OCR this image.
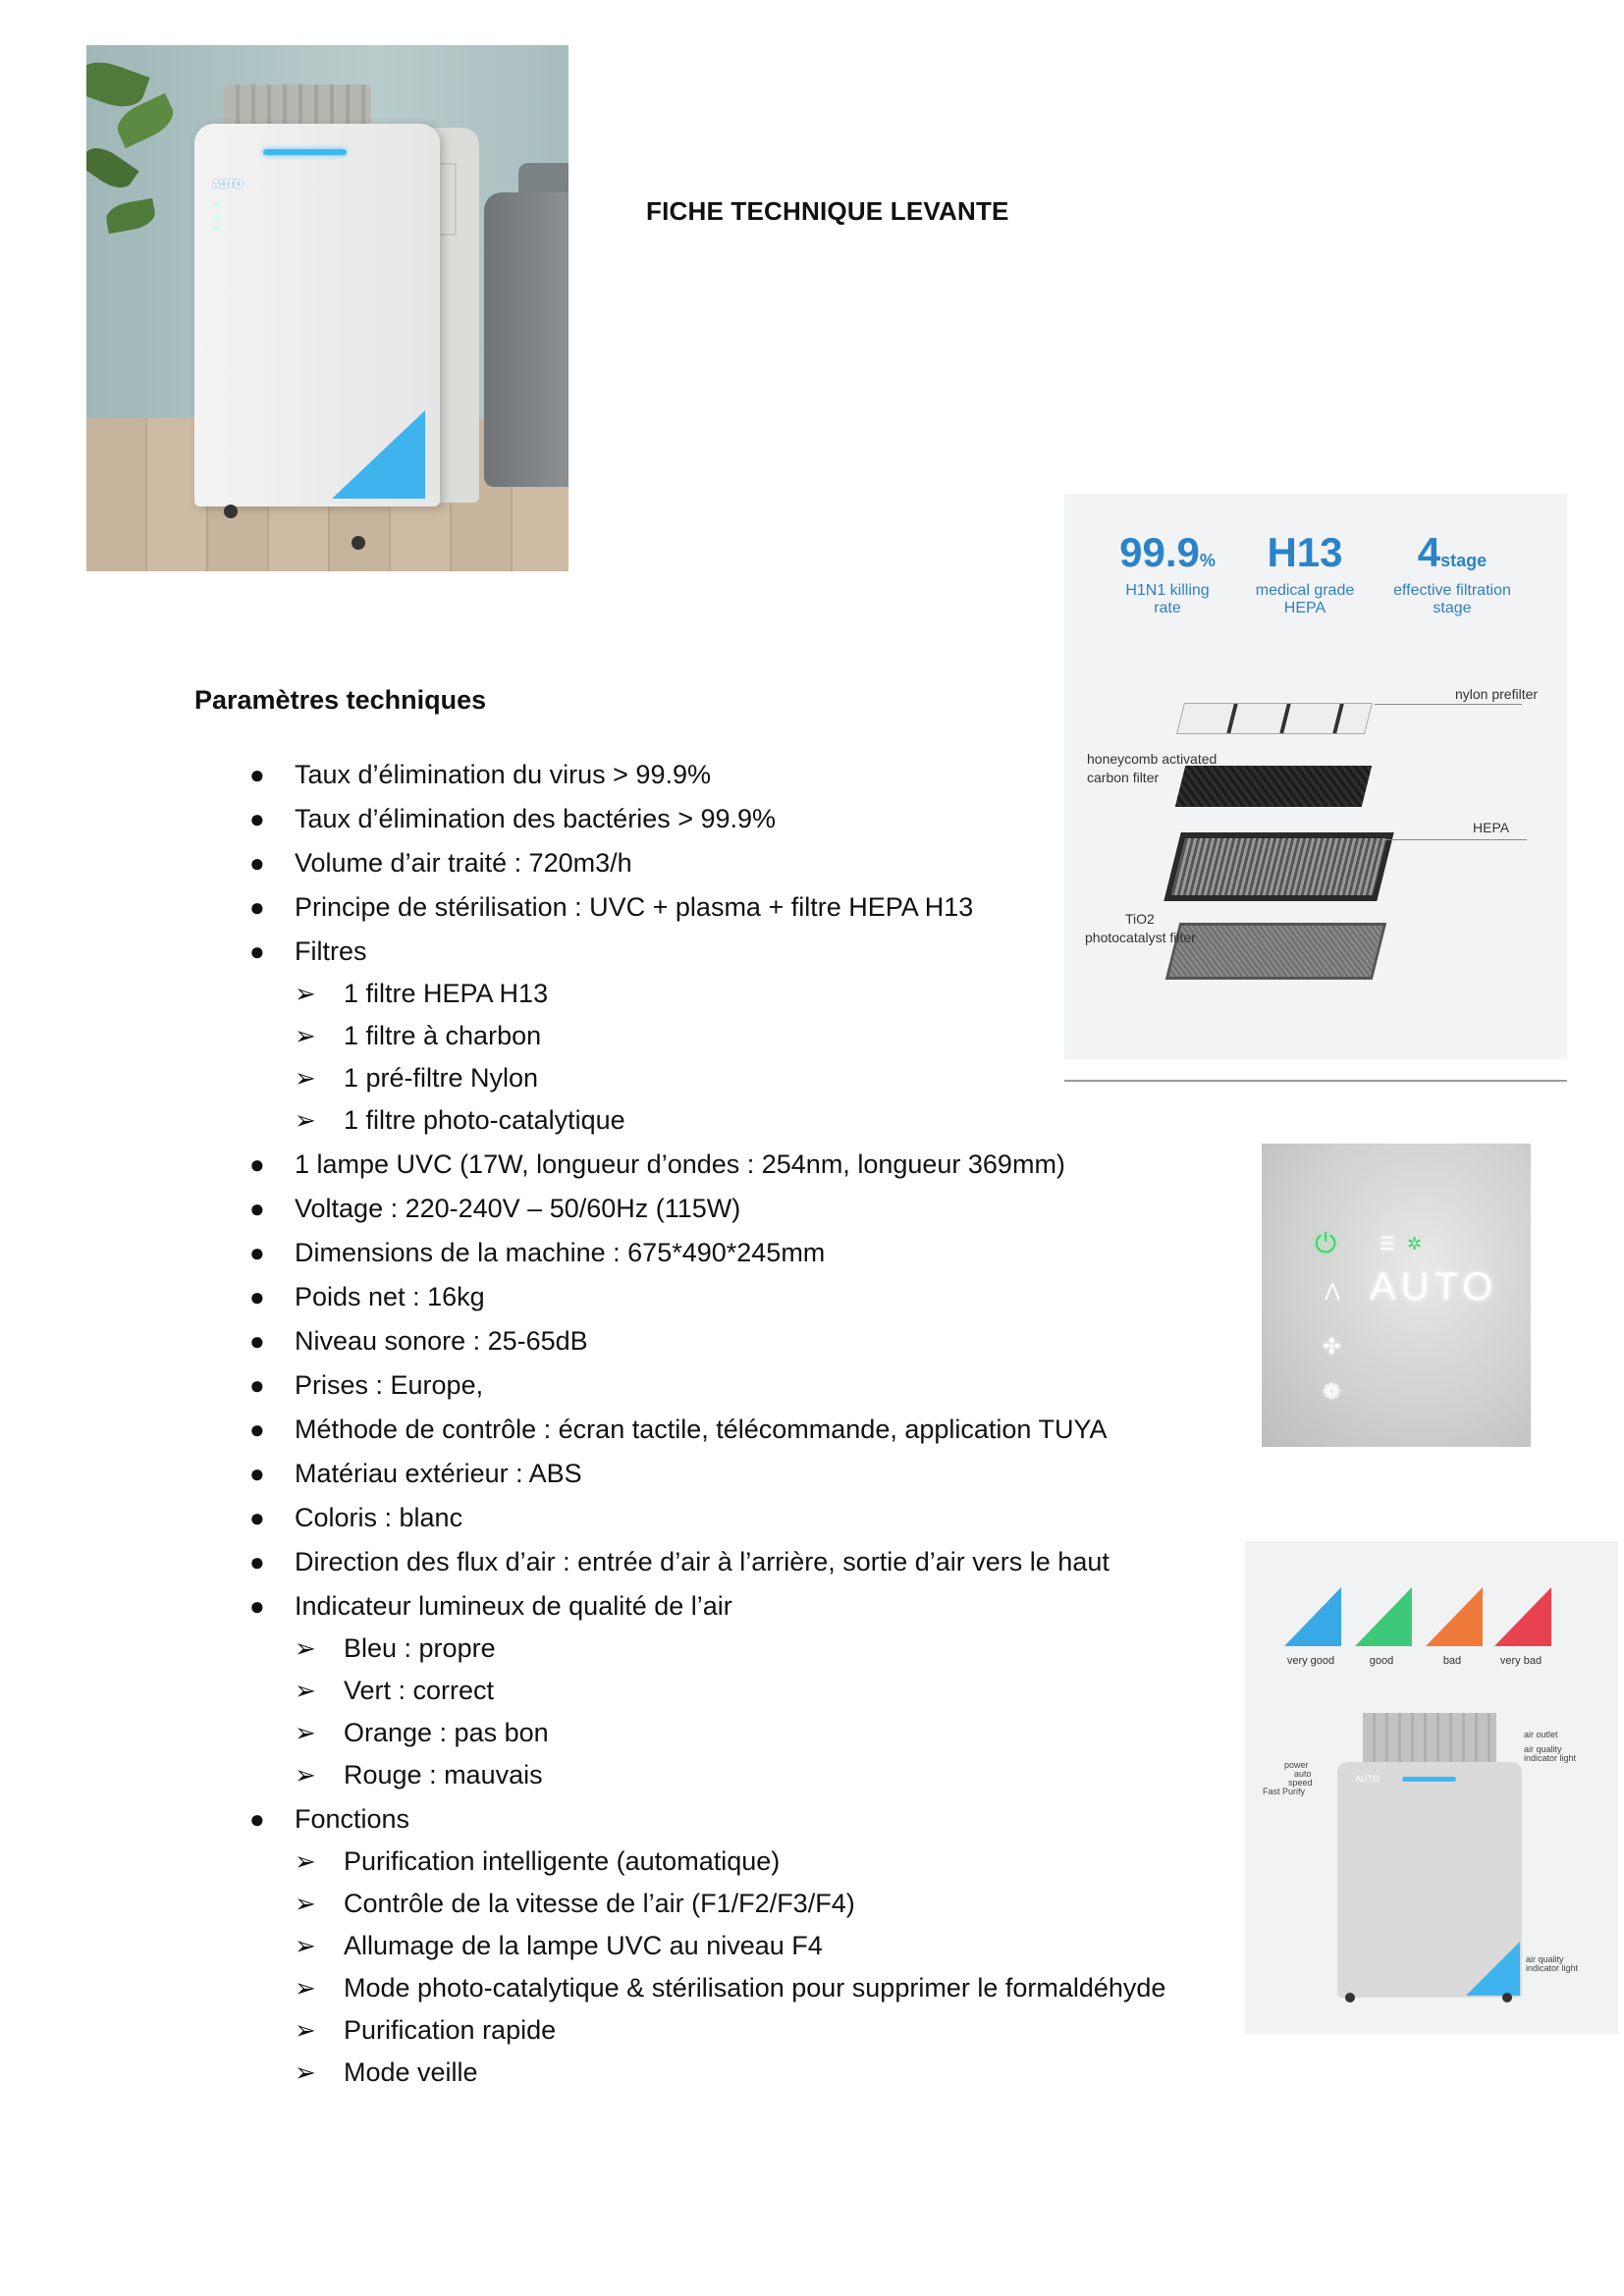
AUTO
FICHE TECHNIQUE LEVANTE
Paramètres techniques
● Taux d’élimination du virus > 99.9%
● Taux d’élimination des bactéries > 99.9%
● Volume d’air traité : 720m3/h
● Principe de stérilisation : UVC + plasma + filtre HEPA H13
● Filtres
➢ 1 filtre HEPA H13
➢ 1 filtre à charbon
➢ 1 pré-filtre Nylon
➢ 1 filtre photo-catalytique
● 1 lampe UVC (17W, longueur d’ondes : 254nm, longueur 369mm)
● Voltage : 220-240V – 50/60Hz (115W)
● Dimensions de la machine : 675*490*245mm
● Poids net : 16kg
● Niveau sonore : 25-65dB
● Prises : Europe,
● Méthode de contrôle : écran tactile, télécommande, application TUYA
● Matériau extérieur : ABS
● Coloris : blanc
● Direction des flux d’air : entrée d’air à l’arrière, sortie d’air vers le haut
● Indicateur lumineux de qualité de l’air
➢ Bleu : propre
➢ Vert : correct
➢ Orange : pas bon
➢ Rouge : mauvais
● Fonctions
➢ Purification intelligente (automatique)
➢ Contrôle de la vitesse de l’air (F1/F2/F3/F4)
➢ Allumage de la lampe UVC au niveau F4
➢ Mode photo-catalytique & stérilisation pour supprimer le formaldéhyde
➢ Purification rapide
➢ Mode veille
99.9%
H1N1 killing
rate
H13
medical grade
HEPA
4stage
effective filtration
stage
nylon prefilter
honeycomb activated
carbon filter
HEPA
TiO2
photocatalyst filter
⏻ ☰ ✲
Λ AUTO
✣
❁
very good	good	bad	very bad
AUTO
power
auto
speed
Fast Purify
air outlet
air quality
indicator light
air quality
indicator light
